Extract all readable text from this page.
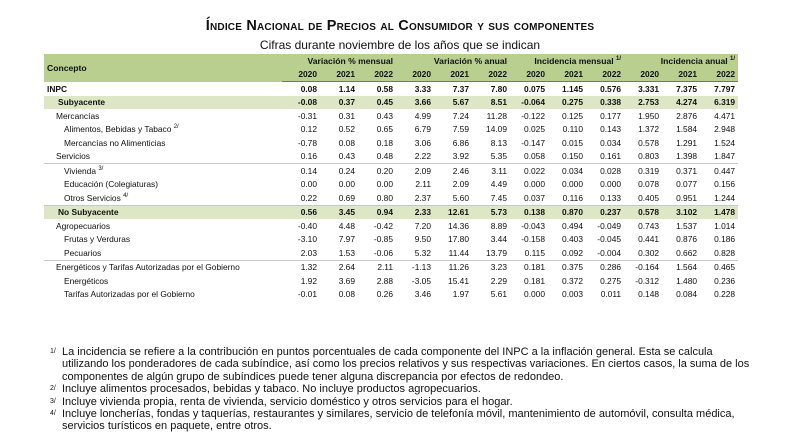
Índice Nacional de Precios al Consumidor y sus componentes
Cifras durante noviembre de los años que se indican
Concepto	Variación % mensual			Variación % anual			Incidencia mensual $^{1/}$			Incidencia anual $^{1/}$
	2020	2021	2022	2020	2021	2022	2020	2021	2022	2020	2021	2022
INPC	0.08	1.14	0.58	3.33	7.37	7.80	0.075	1.145	0.576	3.331	7.375	7.797
Subyacente	-0.08	0.37	0.45	3.66	5.67	8.51	-0.064	0.275	0.338	2.753	4.274	6.319
Mercancías	-0.31	0.31	0.43	4.99	7.24	11.28	-0.122	0.125	0.177	1.950	2.876	4.471
Alimentos, Bebidas y Tabaco $^{2/}$	0.12	0.52	0.65	6.79	7.59	14.09	0.025	0.110	0.143	1.372	1.584	2.948
Mercancías no Alimenticias	-0.78	0.08	0.18	3.06	6.86	8.13	-0.147	0.015	0.034	0.578	1.291	1.524
Servicios	0.16	0.43	0.48	2.22	3.92	5.35	0.058	0.150	0.161	0.803	1.398	1.847
Vivienda $^{3/}$	0.14	0.24	0.20	2.09	2.46	3.11	0.022	0.034	0.028	0.319	0.371	0.447
Educación (Colegiaturas)	0.00	0.00	0.00	2.11	2.09	4.49	0.000	0.000	0.000	0.078	0.077	0.156
Otros Servicios $^{4/}$	0.22	0.69	0.80	2.37	5.60	7.45	0.037	0.116	0.133	0.405	0.951	1.244
No Subyacente	0.56	3.45	0.94	2.33	12.61	5.73	0.138	0.870	0.237	0.578	3.102	1.478
Agropecuarios	-0.40	4.48	-0.42	7.20	14.36	8.89	-0.043	0.494	-0.049	0.743	1.537	1.014
Frutas y Verduras	-3.10	7.97	-0.85	9.50	17.80	3.44	-0.158	0.403	-0.045	0.441	0.876	0.186
Pecuarios	2.03	1.53	-0.06	5.32	11.44	13.79	0.115	0.092	-0.004	0.302	0.662	0.828
Energéticos y Tarifas Autorizadas por el Gobierno	1.32	2.64	2.11	-1.13	11.26	3.23	0.181	0.375	0.286	-0.164	1.564	0.465
Energéticos	1.92	3.69	2.88	-3.05	15.41	2.29	0.181	0.372	0.275	-0.312	1.480	0.236
Tarifas Autorizadas por el Gobierno	-0.01	0.08	0.26	3.46	1.97	5.61	0.000	0.003	0.011	0.148	0.084	0.228
1/ La incidencia se refiere a la contribución en puntos porcentuales de cada componente del INPC a la inflación general. Esta se calcula utilizando los ponderadores de cada subíndice, así como los precios relativos y sus respectivas variaciones. En ciertos casos, la suma de los componentes de algún grupo de subíndices puede tener alguna discrepancia por efectos de redondeo.
2/ Incluye alimentos procesados, bebidas y tabaco. No incluye productos agropecuarios.
3/ Incluye vivienda propia, renta de vivienda, servicio doméstico y otros servicios para el hogar.
4/ Incluye loncherías, fondas y taquerías, restaurantes y similares, servicio de telefonía móvil, mantenimiento de automóvil, consulta médica, servicios turísticos en paquete, entre otros.
